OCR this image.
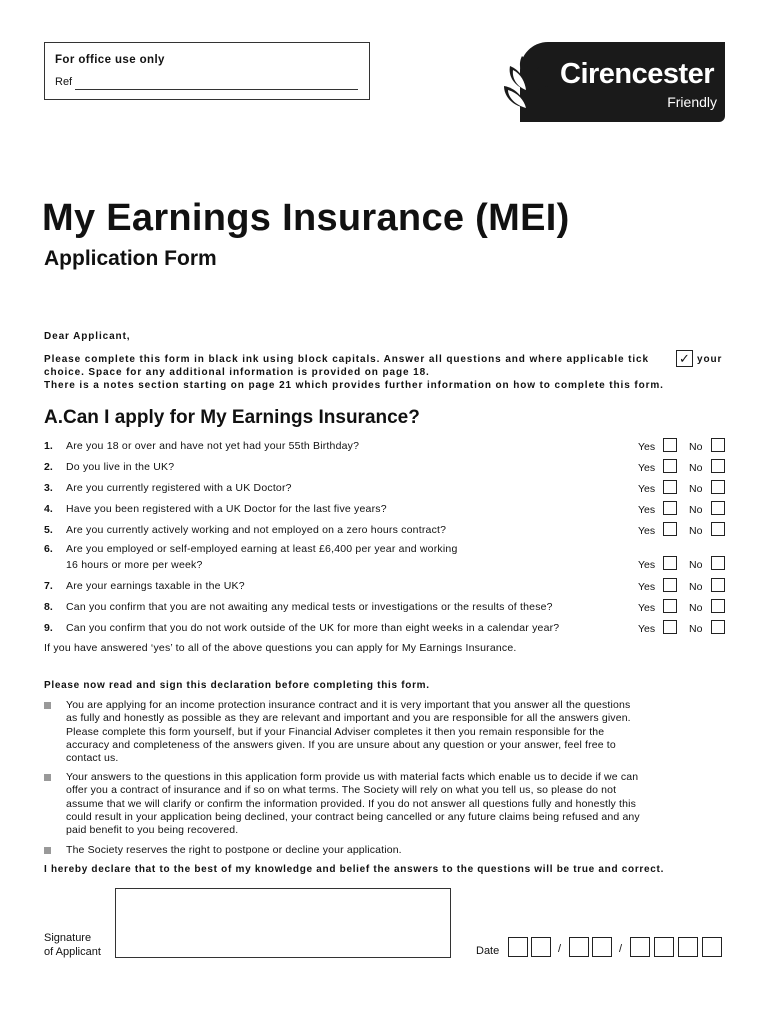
For office use only
Ref	Cirencester
Friendly
My Earnings Insurance (MEI)
Application Form
Dear Applicant,
Please complete this form in black ink using block capitals. Answer all questions and where applicable tick ✓ your
choice. Space for any additional information is provided on page 18.
There is a notes section starting on page 21 which provides further information on how to complete this form.
A.Can I apply for My Earnings Insurance?
1. Are you 18 or over and have not yet had your 55th Birthday?	Yes	No
2. Do you live in the UK?	Yes	No
3. Are you currently registered with a UK Doctor?	Yes	No
4. Have you been registered with a UK Doctor for the last five years?	Yes	No
5. Are you currently actively working and not employed on a zero hours contract?	Yes	No
6. Are you employed or self-employed earning at least £6,400 per year and working
16 hours or more per week?	Yes	No
7. Are your earnings taxable in the UK?	Yes	No
8. Can you confirm that you are not awaiting any medical tests or investigations or the results of these?	Yes	No
9. Can you confirm that you do not work outside of the UK for more than eight weeks in a calendar year?	Yes	No
If you have answered ‘yes’ to all of the above questions you can apply for My Earnings Insurance.
Please now read and sign this declaration before completing this form.
You are applying for an income protection insurance contract and it is very important that you answer all the questions
as fully and honestly as possible as they are relevant and important and you are responsible for all the answers given.
Please complete this form yourself, but if your Financial Adviser completes it then you remain responsible for the
accuracy and completeness of the answers given. If you are unsure about any question or your answer, feel free to
contact us.
Your answers to the questions in this application form provide us with material facts which enable us to decide if we can
offer you a contract of insurance and if so on what terms. The Society will rely on what you tell us, so please do not
assume that we will clarify or confirm the information provided. If you do not answer all questions fully and honestly this
could result in your application being declined, your contract being cancelled or any future claims being refused and any
paid benefit to you being recovered.
The Society reserves the right to postpone or decline your application.
I hereby declare that to the best of my knowledge and belief the answers to the questions will be true and correct.
Signature
of Applicant	Date	/	/
